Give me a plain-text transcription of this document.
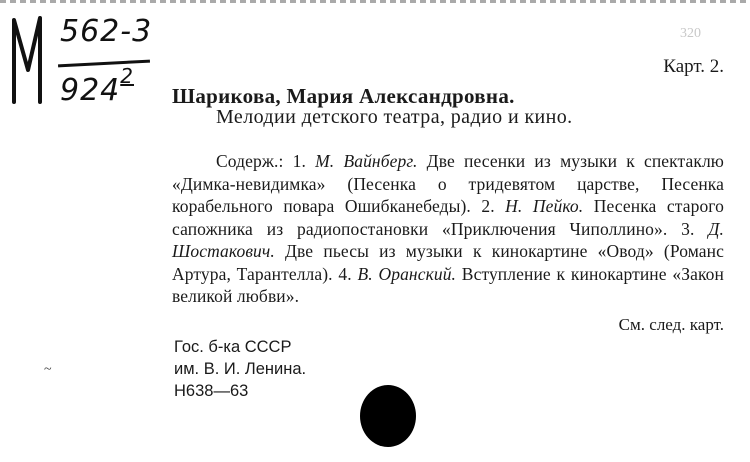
562-3
$924^2$
320
Карт. 2.
Шарикова, Мария Александровна.
Мелодии детского театра, радио и кино.
Содерж.: 1. М. Вайнберг. Две песенки из музыки к спектаклю «Димка-невидимка» (Песенка о тридевятом царстве, Песенка корабельного повара Ошибканебеды). 2. Н. Пейко. Песенка старого сапожника из радиопостановки «Приключения Чиполлино». 3. Д. Шостакович. Две пьесы из музыки к кинокартине «Овод» (Романс Артура, Тарантелла). 4. В. Оранский. Вступление к кинокартине «Закон великой любви».
См. след. карт.
Гос. б-ка СССР
им. В. И. Ленина.
Н638—63
~
